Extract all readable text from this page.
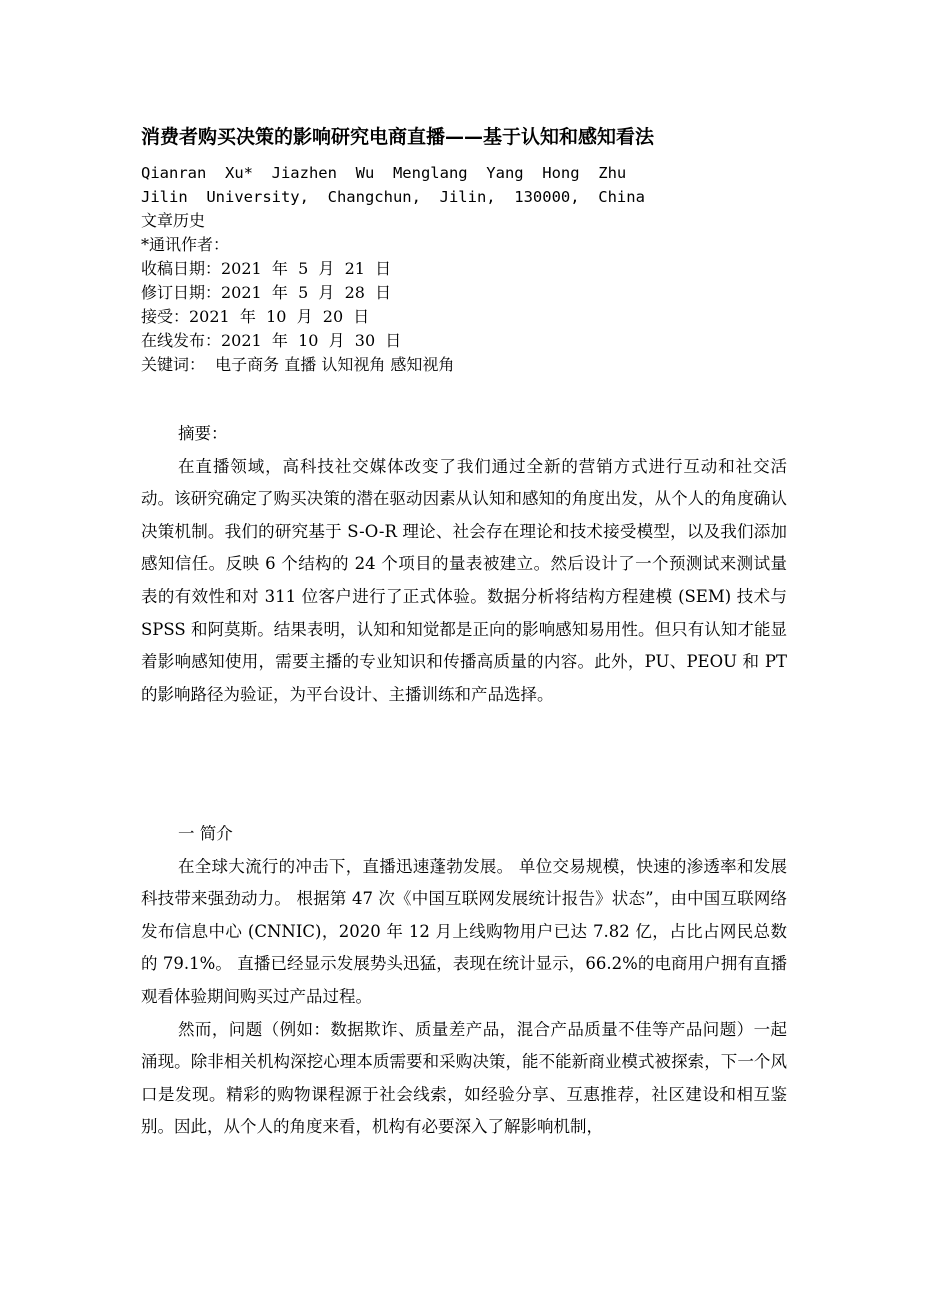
消费者购买决策的影响研究电商直播——基于认知和感知看法
Qianran  Xu*  Jiazhen  Wu  Menglang  Yang  Hong  Zhu
Jilin  University,  Changchun,  Jilin,  130000,  China
文章历史
*通讯作者：
收稿日期：2021  年  5  月  21  日
修订日期：2021  年  5  月  28  日
接受：2021  年  10  月  20  日
在线发布：2021  年  10  月  30  日
关键词：  电子商务 直播 认知视角 感知视角
摘要：

在直播领域，高科技社交媒体改变了我们通过全新的营销方式进行互动和社交活动。该研究确定了购买决策的潜在驱动因素从认知和感知的角度出发，从个人的角度确认决策机制。我们的研究基于 S-O-R 理论、社会存在理论和技术接受模型，以及我们添加感知信任。反映 6 个结构的 24 个项目的量表被建立。然后设计了一个预测试来测试量表的有效性和对 311 位客户进行了正式体验。数据分析将结构方程建模 (SEM) 技术与 SPSS 和阿莫斯。结果表明，认知和知觉都是正向的影响感知易用性。但只有认知才能显着影响感知使用，需要主播的专业知识和传播高质量的内容。此外，PU、PEOU 和 PT 的影响路径为验证，为平台设计、主播训练和产品选择。

一 简介

在全球大流行的冲击下，直播迅速蓬勃发展。 单位交易规模，快速的渗透率和发展科技带来强劲动力。 根据第 47 次《中国互联网发展统计报告》状态”，由中国互联网络发布信息中心 (CNNIC)，2020 年 12 月上线购物用户已达 7.82 亿，占比占网民总数的 79.1%。 直播已经显示发展势头迅猛，表现在统计显示，66.2%的电商用户拥有直播观看体验期间购买过产品过程。

然而，问题（例如：数据欺诈、质量差产品，混合产品质量不佳等产品问题）一起涌现。除非相关机构深挖心理本质需要和采购决策，能不能新商业模式被探索，下一个风口是发现。精彩的购物课程源于社会线索，如经验分享、互惠推荐，社区建设和相互鉴别。因此，从个人的角度来看，机构有必要深入了解影响机制，
